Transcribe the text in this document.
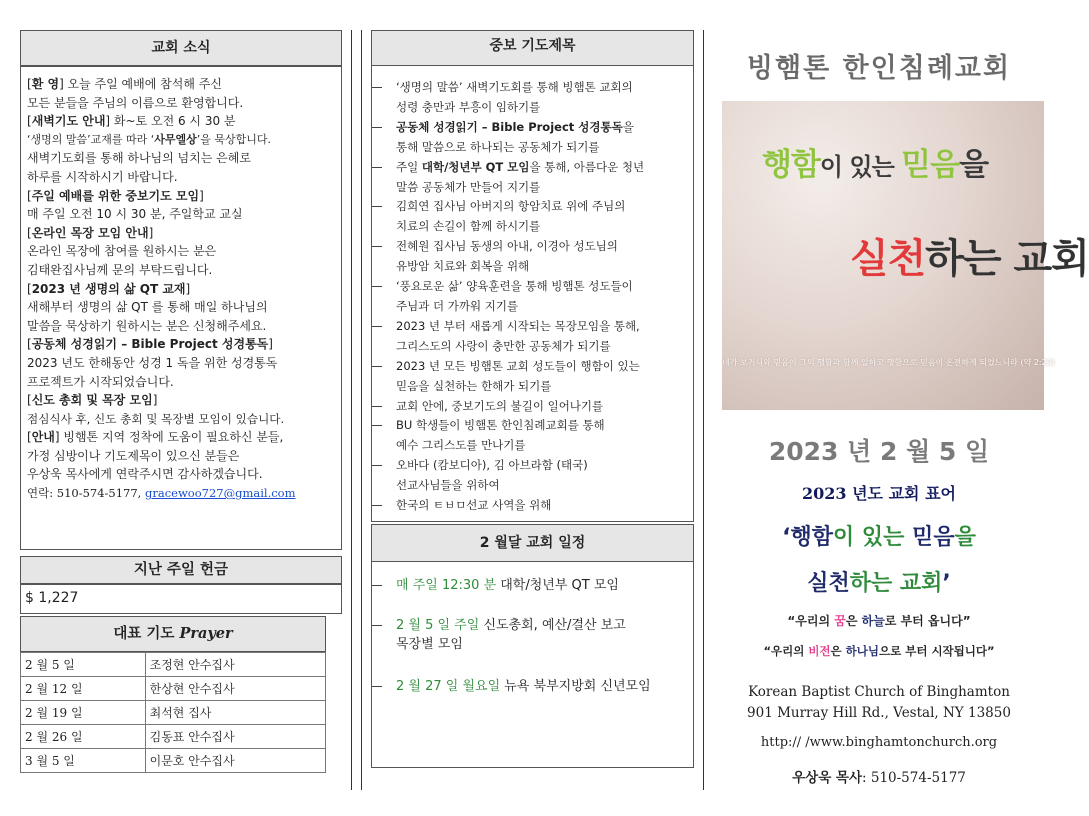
교회 소식
[환 영] 오늘 주일 예배에 참석해 주신
모든 분들을 주님의 이름으로 환영합니다.
[새벽기도 안내] 화~토 오전 6 시 30 분
‘생명의 말씀’교재를 따라 ‘사무엘상’을 묵상합니다.
새벽기도회를 통해 하나님의 넘치는 은혜로
하루를 시작하시기 바랍니다.
[주일 예배를 위한 중보기도 모임]
매 주일 오전 10 시 30 분, 주일학교 교실
[온라인 목장 모임 안내]
온라인 목장에 참여를 원하시는 분은
김태완집사님께 문의 부탁드립니다.
[2023 년 생명의 삶 QT 교재]
새해부터 생명의 삶 QT 를 통해 매일 하나님의
말씀을 묵상하기 원하시는 분은 신청해주세요.
[공동체 성경읽기 – Bible Project 성경통독]
2023 년도 한해동안 성경 1 독을 위한 성경통독
프로젝트가 시작되었습니다.
[신도 총회 및 목장 모임]
점심식사 후, 신도 총회 및 목장별 모임이 있습니다.
[안내] 빙햄톤 지역 정착에 도움이 필요하신 분들,
가정 심방이나 기도제목이 있으신 분들은
우상욱 목사에게 연락주시면 감사하겠습니다.
연락: 510-574-5177, gracewoo727@gmail.com
지난 주일 헌금
$ 1,227
대표 기도 Prayer
2 월 5 일	조정현 안수집사
2 월 12 일	한상현 안수집사
2 월 19 일	최석현 집사
2 월 26 일	김동표 안수집사
3 월 5 일	이문호 안수집사
중보 기도제목
‘생명의 말씀’ 새벽기도회를 통해 빙햄톤 교회의
성령 충만과 부흥이 임하기를
공동체 성경읽기 – Bible Project 성경통독을
통해 말씀으로 하나되는 공동체가 되기를
주일 대학/청년부 QT 모임을 통해, 아름다운 청년
말씀 공동체가 만들어 지기를
김희연 집사님 아버지의 항암치료 위에 주님의
치료의 손길이 함께 하시기를
전혜원 집사님 동생의 아내, 이경아 성도님의
유방암 치료와 회복을 위해
‘풍요로운 삶’ 양육훈련을 통해 빙햄톤 성도들이
주님과 더 가까워 지기를
2023 년 부터 새롭게 시작되는 목장모임을 통해,
그리스도의 사랑이 충만한 공동체가 되기를
2023 년 모든 빙햄톤 교회 성도들이 행함이 있는
믿음을 실천하는 한해가 되기를
교회 안에, 중보기도의 불길이 일어나기를
BU 학생들이 빙햄톤 한인침례교회를 통해
예수 그리스도를 만나기를
오바다 (캄보디아), 김 아브라함 (태국)
선교사님들을 위하여
한국의 ㅌㅂㅁ선교 사역을 위해
2 월달 교회 일정
매 주일 12:30 분 대학/청년부 QT 모임
2 월 5 일 주일 신도총회, 예산/결산 보고
목장별 모임
2 월 27 일 월요일 뉴욕 북부지방회 신년모임
빙햄톤 한인침례교회
행함이 있는 믿음을
실천하는 교회
네가 보거니와 믿음이 그의 행함과 함께 일하고 행함으로 믿음이 온전하게 되었느니라 (약 2:22)
2023 년 2 월 5 일
2023 년도 교회 표어
‘행함이 있는 믿음을
실천하는 교회’
“우리의 꿈은 하늘로 부터 옵니다”
“우리의 비전은 하나님으로 부터 시작됩니다”
Korean Baptist Church of Binghamton
901 Murray Hill Rd., Vestal, NY 13850
http:// /www.binghamtonchurch.org
우상욱 목사: 510-574-5177
